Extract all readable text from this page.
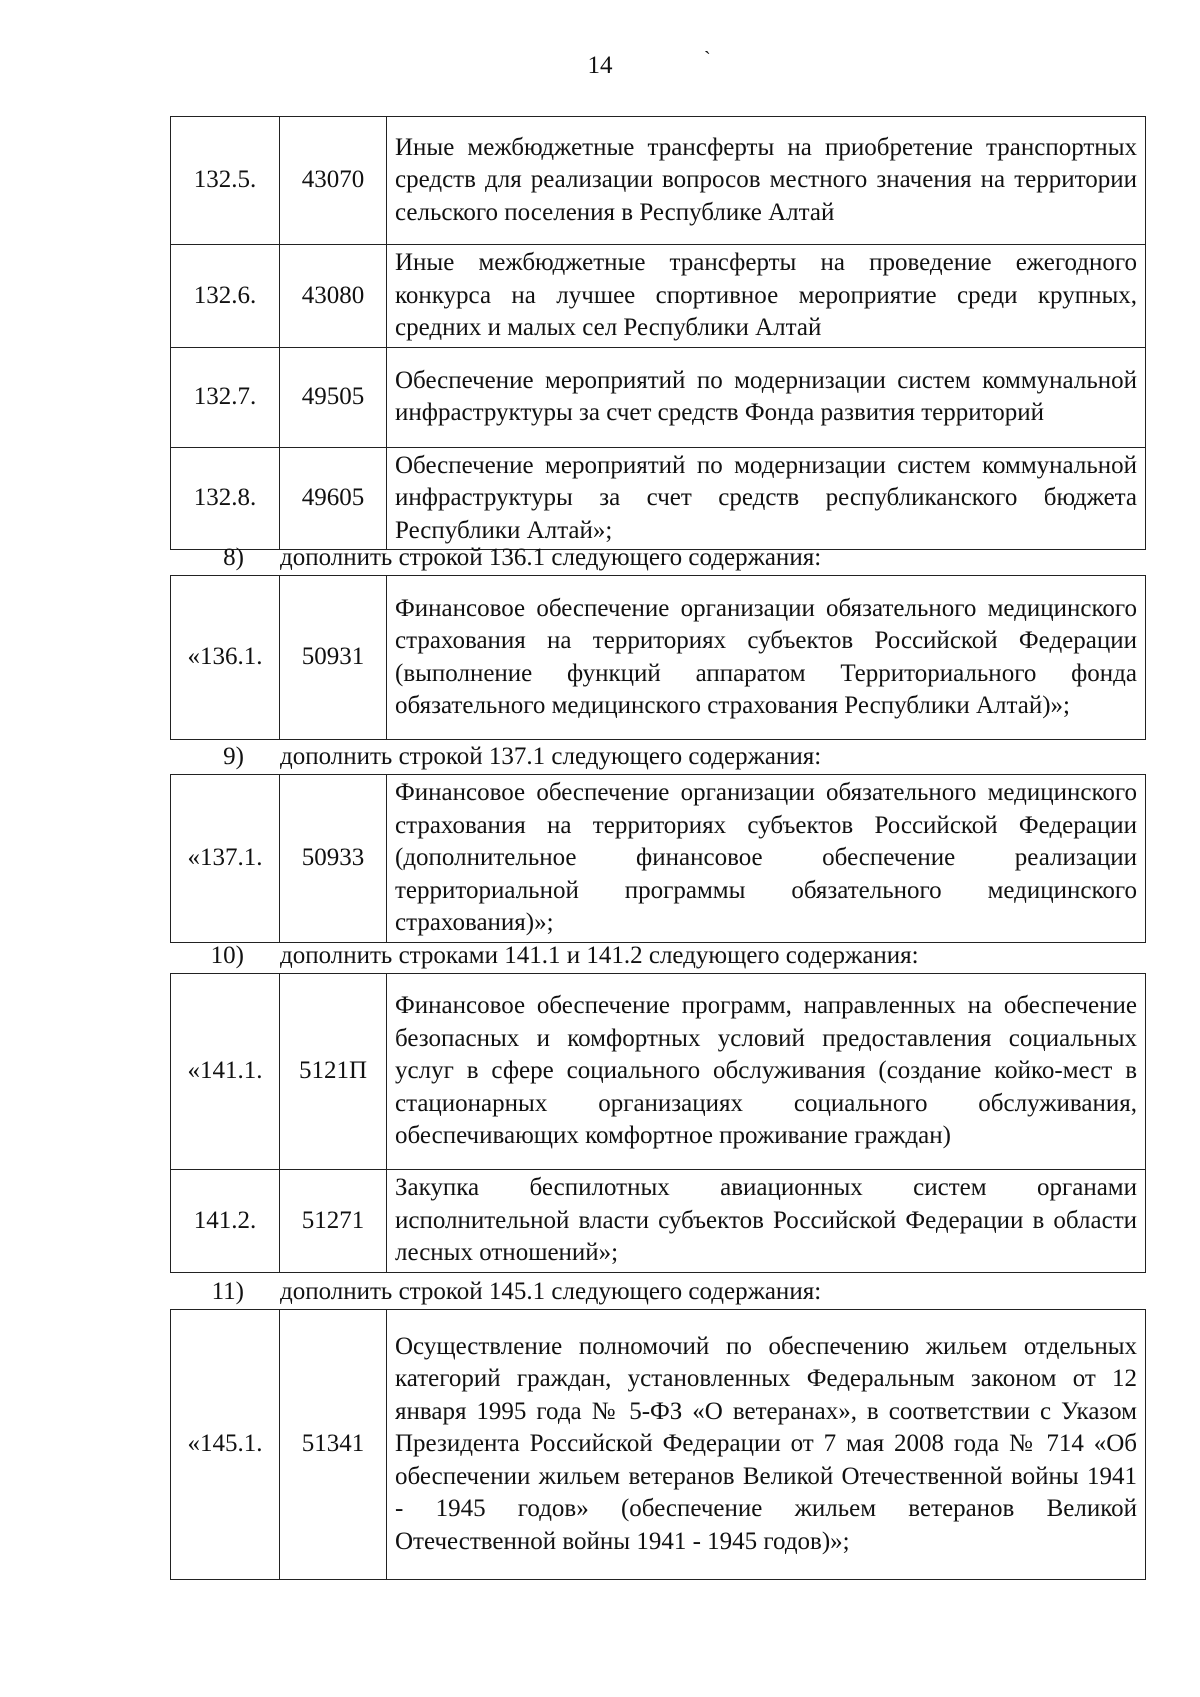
14	`
132.5.	43070	Иные межбюджетные трансферты на приобретение транспортных средств для реализации вопросов местного значения на территории сельского поселения в Республике Алтай
132.6.	43080	Иные межбюджетные трансферты на проведение ежегодного конкурса на лучшее спортивное мероприятие среди крупных, средних и малых сел Республики Алтай
132.7.	49505	Обеспечение мероприятий по модернизации систем коммунальной инфраструктуры за счет средств Фонда развития территорий
132.8.	49605	Обеспечение мероприятий по модернизации систем коммунальной инфраструктуры за счет средств республиканского бюджета Республики Алтай»;
8) дополнить строкой 136.1 следующего содержания:
«136.1.	50931	Финансовое обеспечение организации обязательного медицинского страхования на территориях субъектов Российской Федерации (выполнение функций аппаратом Территориального фонда обязательного медицинского страхования Республики Алтай)»;
9) дополнить строкой 137.1 следующего содержания:
«137.1.	50933	Финансовое обеспечение организации обязательного медицинского страхования на территориях субъектов Российской Федерации (дополнительное финансовое обеспечение реализации территориальной программы обязательного медицинского страхования)»;
10) дополнить строками 141.1 и 141.2 следующего содержания:
«141.1.	5121П	Финансовое обеспечение программ, направленных на обеспечение безопасных и комфортных условий предоставления социальных услуг в сфере социального обслуживания (создание койко-мест в стационарных организациях социального обслуживания, обеспечивающих комфортное проживание граждан)
141.2.	51271	Закупка беспилотных авиационных систем органами исполнительной власти субъектов Российской Федерации в области лесных отношений»;
11) дополнить строкой 145.1 следующего содержания:
«145.1.	51341	Осуществление полномочий по обеспечению жильем отдельных категорий граждан, установленных Федеральным законом от 12 января 1995 года № 5-ФЗ «О ветеранах», в соответствии с Указом Президента Российской Федерации от 7 мая 2008 года № 714 «Об обеспечении жильем ветеранов Великой Отечественной войны 1941 - 1945 годов» (обеспечение жильем ветеранов Великой Отечественной войны 1941 - 1945 годов)»;
